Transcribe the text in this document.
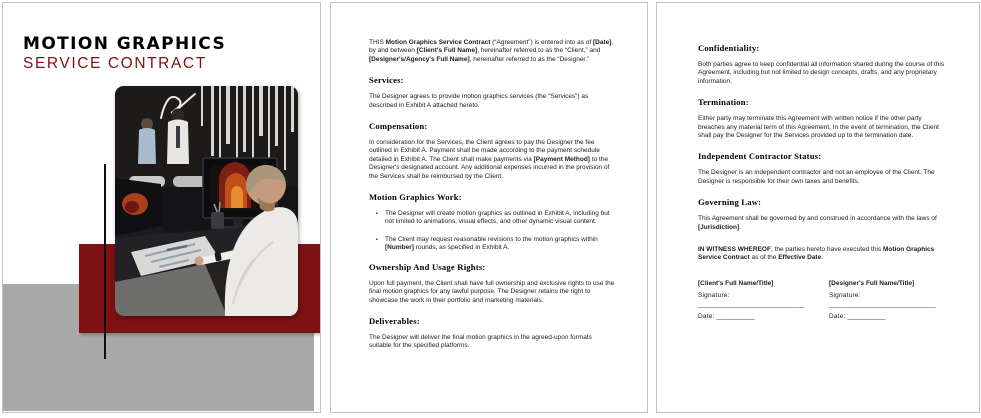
MOTION GRAPHICS
SERVICE CONTRACT

THIS Motion Graphics Service Contract (“Agreement”) is entered into as of [Date], by and between [Client's Full Name], hereinafter referred to as the “Client,” and [Designer's/Agency's Full Name], hereinafter referred to as the “Designer.”

Services:

The Designer agrees to provide motion graphics services (the “Services”) as described in Exhibit A attached hereto.

Compensation:

In consideration for the Services, the Client agrees to pay the Designer the fee outlined in Exhibit A. Payment shall be made according to the payment schedule detailed in Exhibit A. The Client shall make payments via [Payment Method] to the Designer's designated account. Any additional expenses incurred in the provision of the Services shall be reimbursed by the Client.

Motion Graphics Work:
▪	The Designer will create motion graphics as outlined in Exhibit A, including but not limited to animations, visual effects, and other dynamic visual content.
▪	The Client may request reasonable revisions to the motion graphics within [Number] rounds, as specified in Exhibit A.
Ownership And Usage Rights:

Upon full payment, the Client shall have full ownership and exclusive rights to use the final motion graphics for any lawful purpose. The Designer retains the right to showcase the work in their portfolio and marketing materials.

Deliverables:

The Designer will deliver the final motion graphics in the agreed-upon formats suitable for the specified platforms.

Confidentiality:

Both parties agree to keep confidential all information shared during the course of this Agreement, including but not limited to design concepts, drafts, and any proprietary information.

Termination:

Either party may terminate this Agreement with written notice if the other party breaches any material term of this Agreement. In the event of termination, the Client shall pay the Designer for the Services provided up to the termination date.

Independent Contractor Status:

The Designer is an independent contractor and not an employee of the Client. The Designer is responsible for their own taxes and benefits.

Governing Law:

This Agreement shall be governed by and construed in accordance with the laws of [Jurisdiction].

IN WITNESS WHEREOF, the parties hereto have executed this Motion Graphics Service Contract as of the Effective Date.

[Client's Full Name/Title]

Signature: ____________________________

Date: __________

[Designer's Full Name/Title]

Signature: ____________________________

Date: __________
